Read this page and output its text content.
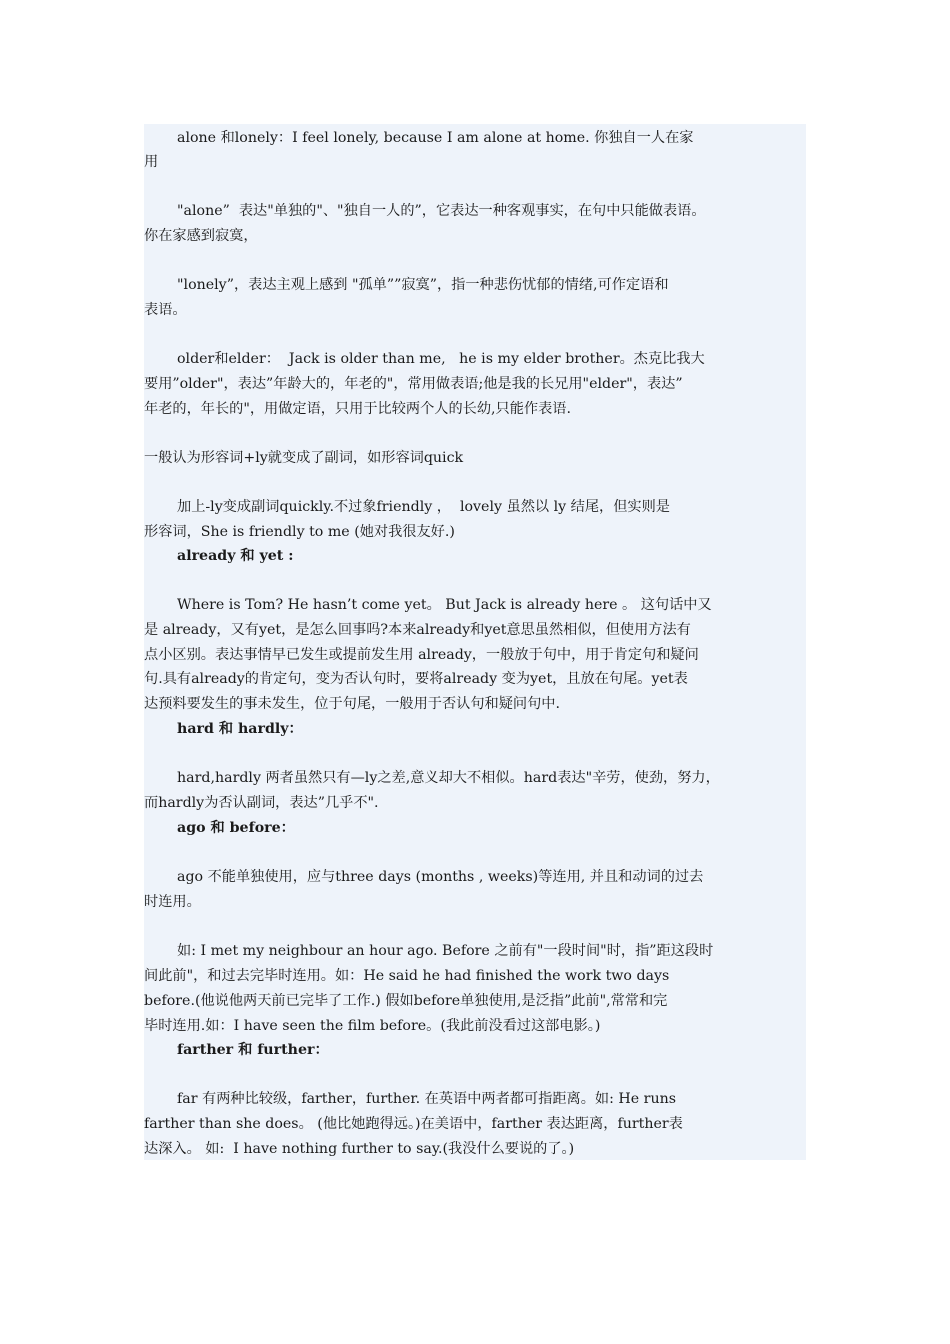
alone 和lonely：I feel lonely, because I am alone at home. 你独自一人在家
用
"alone”  表达"单独的"、"独自一人的”，它表达一种客观事实，在句中只能做表语。
你在家感到寂寞，
"lonely”，表达主观上感到 "孤单””寂寞”，指一种悲伤忧郁的情绪,可作定语和
表语。
older和elder：  Jack is older than me,   he is my elder brother。杰克比我大
要用”older"，表达”年龄大的，年老的"，常用做表语;他是我的长兄用"elder"，表达”
年老的，年长的"，用做定语，只用于比较两个人的长幼,只能作表语.
一般认为形容词+ly就变成了副词，如形容词quick
加上-ly变成副词quickly.不过象friendly ，  lovely 虽然以 ly 结尾，但实则是
形容词，She is friendly to me (她对我很友好.)
already 和 yet :
Where is Tom? He hasn’t come yet。 But Jack is already here 。 这句话中又
是 already，又有yet，是怎么回事吗?本来already和yet意思虽然相似，但使用方法有
点小区别。表达事情早已发生或提前发生用 already，一般放于句中，用于肯定句和疑问
句.具有already的肯定句，变为否认句时，要将already 变为yet，且放在句尾。yet表
达预料要发生的事未发生，位于句尾，一般用于否认句和疑问句中.
hard 和 hardly：
hard,hardly 两者虽然只有—ly之差,意义却大不相似。hard表达"辛劳，使劲，努力，
而hardly为否认副词，表达”几乎不".
ago 和 before：
ago 不能单独使用，应与three days (months , weeks)等连用, 并且和动词的过去
时连用。
如: I met my neighbour an hour ago. Before 之前有"一段时间"时，指”距这段时
间此前"，和过去完毕时连用。如：He said he had finished the work two days
before.(他说他两天前已完毕了工作.) 假如before单独使用,是泛指”此前",常常和完
毕时连用.如：I have seen the film before。(我此前没看过这部电影。)
farther 和 further：
far 有两种比较级，farther，further. 在英语中两者都可指距离。如: He runs
farther than she does。 (他比她跑得远。)在美语中，farther 表达距离，further表
达深入。 如:  I have nothing further to say.(我没什么要说的了。)
